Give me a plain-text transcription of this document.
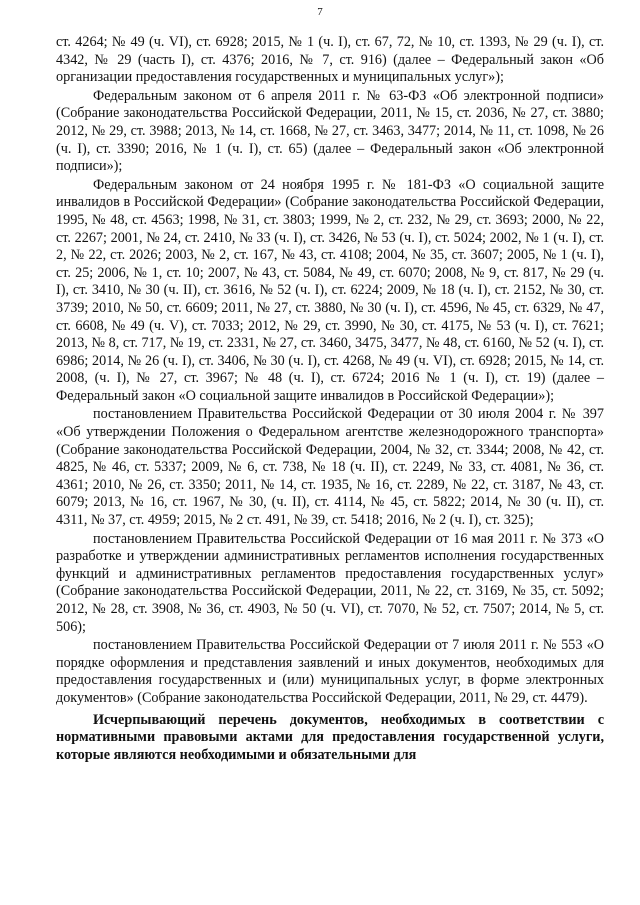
7

ст. 4264; № 49 (ч. VI), ст. 6928; 2015, № 1 (ч. I), ст. 67, 72, № 10, ст. 1393, № 29 (ч. I), ст. 4342, № 29 (часть I), ст. 4376; 2016, № 7, ст. 916) (далее – Федеральный закон «Об организации предоставления государственных и муниципальных услуг»);

Федеральным законом от 6 апреля 2011 г. № 63-ФЗ «Об электронной подписи» (Собрание законодательства Российской Федерации, 2011, № 15, ст. 2036, № 27, ст. 3880; 2012, № 29, ст. 3988; 2013, № 14, ст. 1668, № 27, ст. 3463, 3477; 2014, № 11, ст. 1098, № 26 (ч. I), ст. 3390; 2016, № 1 (ч. I), ст. 65) (далее – Федеральный закон «Об электронной подписи»);

Федеральным законом от 24 ноября 1995 г. № 181-ФЗ «О социальной защите инвалидов в Российской Федерации» (Собрание законодательства Российской Федерации, 1995, № 48, ст. 4563; 1998, № 31, ст. 3803; 1999, № 2, ст. 232, № 29, ст. 3693; 2000, № 22, ст. 2267; 2001, № 24, ст. 2410, № 33 (ч. I), ст. 3426, № 53 (ч. I), ст. 5024; 2002, № 1 (ч. I), ст. 2, № 22, ст. 2026; 2003, № 2, ст. 167, № 43, ст. 4108; 2004, № 35, ст. 3607; 2005, № 1 (ч. I), ст. 25; 2006, № 1, ст. 10; 2007, № 43, ст. 5084, № 49, ст. 6070; 2008, № 9, ст. 817, № 29 (ч. I), ст. 3410, № 30 (ч. II), ст. 3616, № 52 (ч. I), ст. 6224; 2009, № 18 (ч. I), ст. 2152, № 30, ст. 3739; 2010, № 50, ст. 6609; 2011, № 27, ст. 3880, № 30 (ч. I), ст. 4596, № 45, ст. 6329, № 47, ст. 6608, № 49 (ч. V), ст. 7033; 2012, № 29, ст. 3990, № 30, ст. 4175, № 53 (ч. I), ст. 7621; 2013, № 8, ст. 717, № 19, ст. 2331, № 27, ст. 3460, 3475, 3477, № 48, ст. 6160, № 52 (ч. I), ст. 6986; 2014, № 26 (ч. I), ст. 3406, № 30 (ч. I), ст. 4268, № 49 (ч. VI), ст. 6928; 2015, № 14, ст. 2008, (ч. I), № 27, ст. 3967; № 48 (ч. I), ст. 6724; 2016 № 1 (ч. I), ст. 19) (далее – Федеральный закон «О социальной защите инвалидов в Российской Федерации»);

постановлением Правительства Российской Федерации от 30 июля 2004 г. № 397 «Об утверждении Положения о Федеральном агентстве железнодорожного транспорта» (Собрание законодательства Российской Федерации, 2004, № 32, ст. 3344; 2008, № 42, ст. 4825, № 46, ст. 5337; 2009, № 6, ст. 738, № 18 (ч. II), ст. 2249, № 33, ст. 4081, № 36, ст. 4361; 2010, № 26, ст. 3350; 2011, № 14, ст. 1935, № 16, ст. 2289, № 22, ст. 3187, № 43, ст. 6079; 2013, № 16, ст. 1967, № 30, (ч. II), ст. 4114, № 45, ст. 5822; 2014, № 30 (ч. II), ст. 4311, № 37, ст. 4959; 2015, № 2 ст. 491, № 39, ст. 5418; 2016, № 2 (ч. I), ст. 325);

постановлением Правительства Российской Федерации от 16 мая 2011 г. № 373 «О разработке и утверждении административных регламентов исполнения государственных функций и административных регламентов предоставления государственных услуг» (Собрание законодательства Российской Федерации, 2011, № 22, ст. 3169, № 35, ст. 5092; 2012, № 28, ст. 3908, № 36, ст. 4903, № 50 (ч. VI), ст. 7070, № 52, ст. 7507; 2014, № 5, ст. 506);

постановлением Правительства Российской Федерации от 7 июля 2011 г. № 553 «О порядке оформления и представления заявлений и иных документов, необходимых для предоставления государственных и (или) муниципальных услуг, в форме электронных документов» (Собрание законодательства Российской Федерации, 2011, № 29, ст. 4479).

Исчерпывающий перечень документов, необходимых в соответствии с нормативными правовыми актами для предоставления государственной услуги, которые являются необходимыми и обязательными для
